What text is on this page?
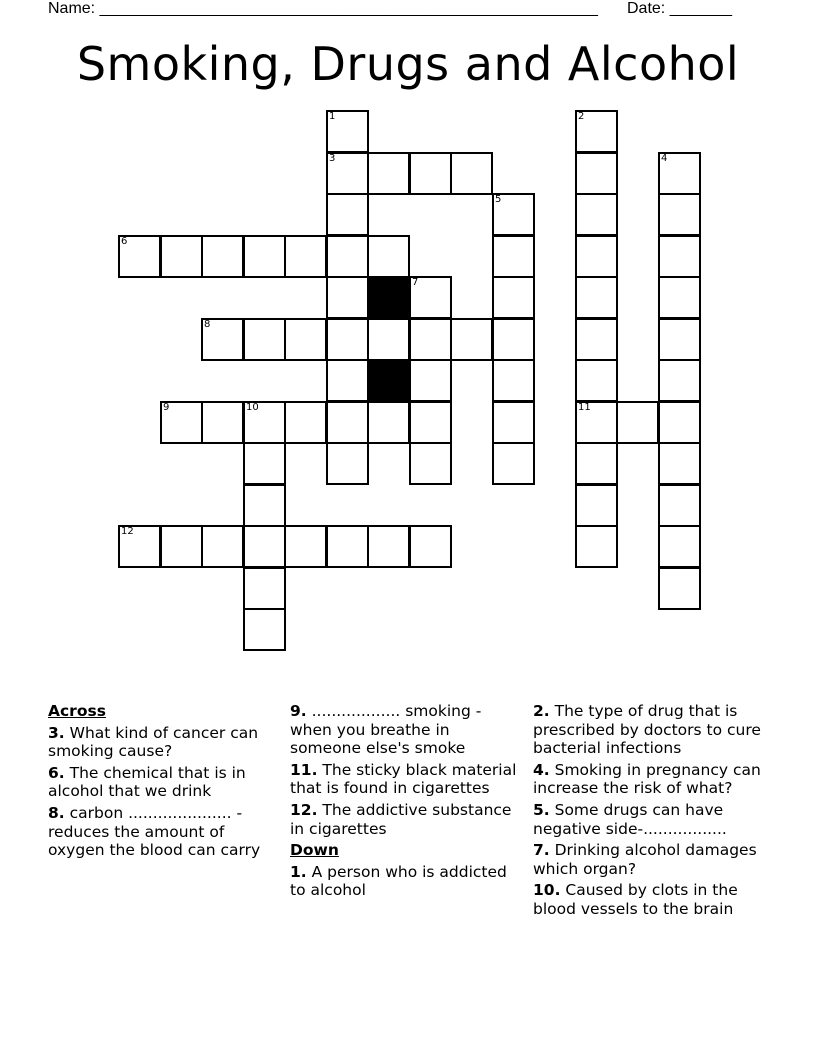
Name: ________________________________________________________ Date: _______
Smoking, Drugs and Alcohol
1	2
3	4
5
6
7
8
9	10	11
12
Across
3. What kind of cancer can smoking cause?
6. The chemical that is in alcohol that we drink
8. carbon ..................... - reduces the amount of oxygen the blood can carry
9. .................. smoking - when you breathe in someone else's smoke
11. The sticky black material that is found in cigarettes
12. The addictive substance in cigarettes
Down
1. A person who is addicted to alcohol
2. The type of drug that is prescribed by doctors to cure bacterial infections
4. Smoking in pregnancy can increase the risk of what?
5. Some drugs can have negative side-.................
7. Drinking alcohol damages which organ?
10. Caused by clots in the blood vessels to the brain
